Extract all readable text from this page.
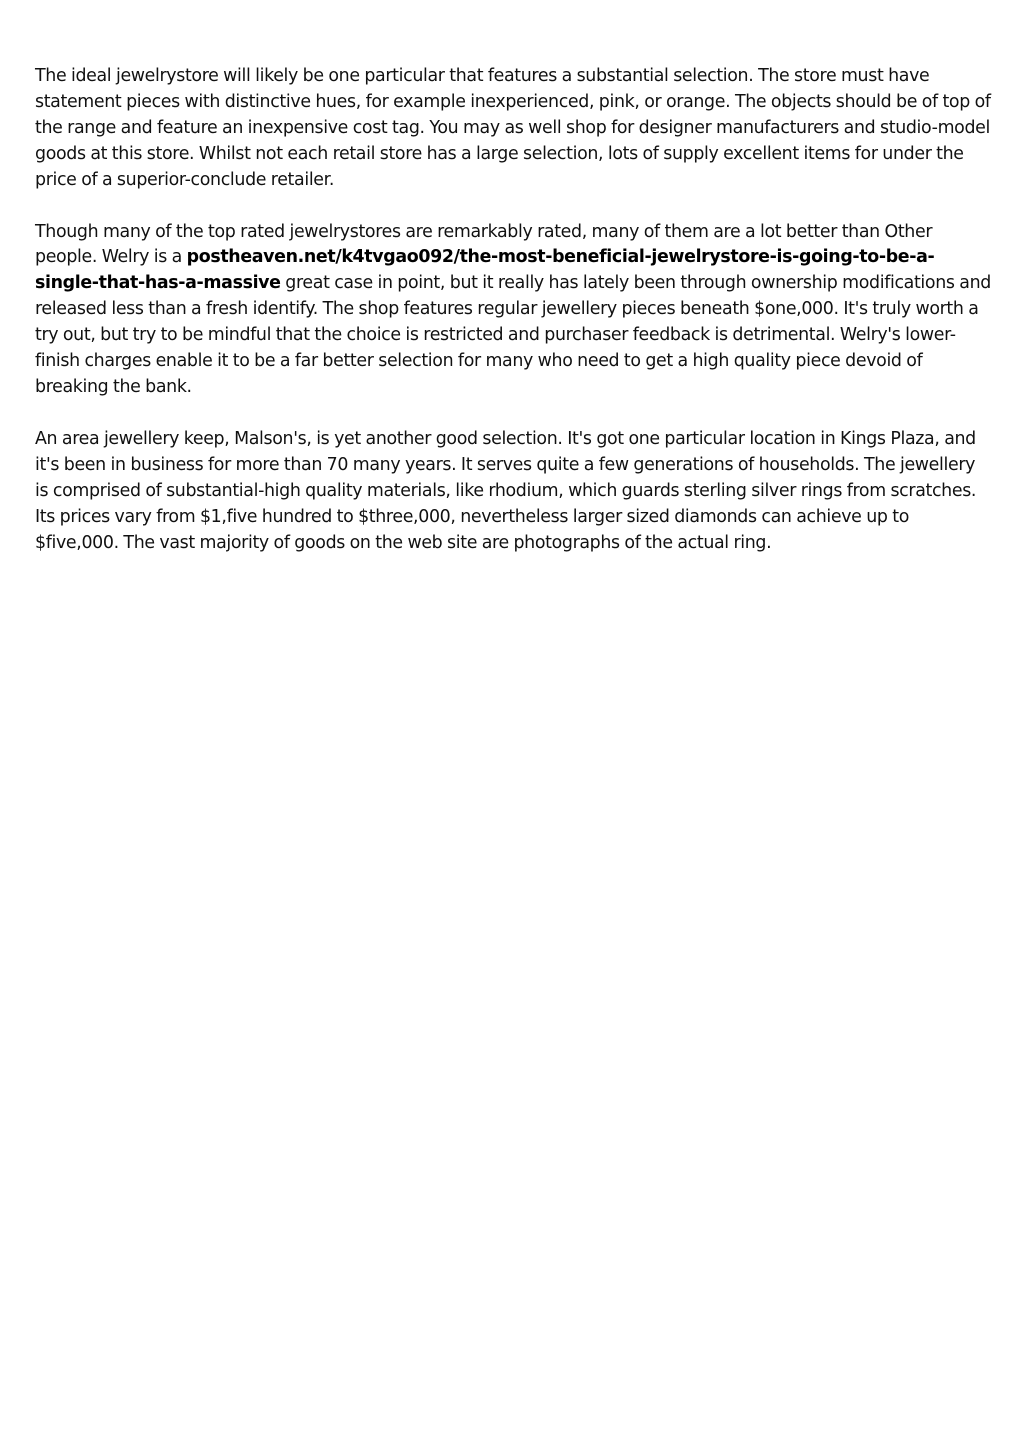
The ideal jewelrystore will likely be one particular that features a substantial selection. The store must have statement pieces with distinctive hues, for example inexperienced, pink, or orange. The objects should be of top of the range and feature an inexpensive cost tag. You may as well shop for designer manufacturers and studio-model goods at this store. Whilst not each retail store has a large selection, lots of supply excellent items for under the price of a superior-conclude retailer.

Though many of the top rated jewelrystores are remarkably rated, many of them are a lot better than Other people. Welry is a postheaven.net/k4tvgao092/the-most-beneficial-jewelrystore-is-going-to-be-a-single-that-has-a-massive great case in point, but it really has lately been through ownership modifications and released less than a fresh identify. The shop features regular jewellery pieces beneath $one,000. It's truly worth a try out, but try to be mindful that the choice is restricted and purchaser feedback is detrimental. Welry's lower-finish charges enable it to be a far better selection for many who need to get a high quality piece devoid of breaking the bank.

An area jewellery keep, Malson's, is yet another good selection. It's got one particular location in Kings Plaza, and it's been in business for more than 70 many years. It serves quite a few generations of households. The jewellery is comprised of substantial-high quality materials, like rhodium, which guards sterling silver rings from scratches. Its prices vary from $1,five hundred to $three,000, nevertheless larger sized diamonds can achieve up to $five,000. The vast majority of goods on the web site are photographs of the actual ring.
